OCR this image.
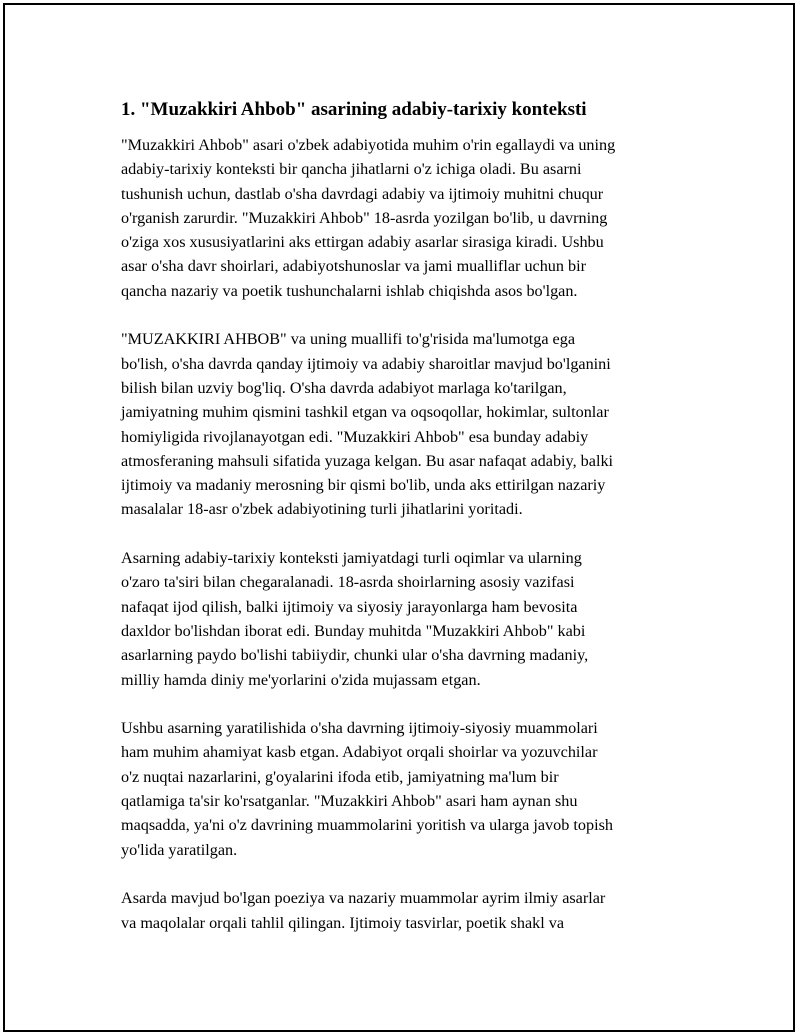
1. "Muzakkiri Ahbob" asarining adabiy-tarixiy konteksti
"Muzakkiri Ahbob" asari o'zbek adabiyotida muhim o'rin egallaydi va uning
adabiy-tarixiy konteksti bir qancha jihatlarni o'z ichiga oladi. Bu asarni
tushunish uchun, dastlab o'sha davrdagi adabiy va ijtimoiy muhitni chuqur
o'rganish zarurdir. "Muzakkiri Ahbob" 18-asrda yozilgan bo'lib, u davrning
o'ziga xos xususiyatlarini aks ettirgan adabiy asarlar sirasiga kiradi. Ushbu
asar o'sha davr shoirlari, adabiyotshunoslar va jami mualliflar uchun bir
qancha nazariy va poetik tushunchalarni ishlab chiqishda asos bo'lgan.
"MUZAKKIRI AHBOB" va uning muallifi to'g'risida ma'lumotga ega
bo'lish, o'sha davrda qanday ijtimoiy va adabiy sharoitlar mavjud bo'lganini
bilish bilan uzviy bog'liq. O'sha davrda adabiyot marlaga ko'tarilgan,
jamiyatning muhim qismini tashkil etgan va oqsoqollar, hokimlar, sultonlar
homiyligida rivojlanayotgan edi. "Muzakkiri Ahbob" esa bunday adabiy
atmosferaning mahsuli sifatida yuzaga kelgan. Bu asar nafaqat adabiy, balki
ijtimoiy va madaniy merosning bir qismi bo'lib, unda aks ettirilgan nazariy
masalalar 18-asr o'zbek adabiyotining turli jihatlarini yoritadi.
Asarning adabiy-tarixiy konteksti jamiyatdagi turli oqimlar va ularning
o'zaro ta'siri bilan chegaralanadi. 18-asrda shoirlarning asosiy vazifasi
nafaqat ijod qilish, balki ijtimoiy va siyosiy jarayonlarga ham bevosita
daxldor bo'lishdan iborat edi. Bunday muhitda "Muzakkiri Ahbob" kabi
asarlarning paydo bo'lishi tabiiydir, chunki ular o'sha davrning madaniy,
milliy hamda diniy me'yorlarini o'zida mujassam etgan.
Ushbu asarning yaratilishida o'sha davrning ijtimoiy-siyosiy muammolari
ham muhim ahamiyat kasb etgan. Adabiyot orqali shoirlar va yozuvchilar
o'z nuqtai nazarlarini, g'oyalarini ifoda etib, jamiyatning ma'lum bir
qatlamiga ta'sir ko'rsatganlar. "Muzakkiri Ahbob" asari ham aynan shu
maqsadda, ya'ni o'z davrining muammolarini yoritish va ularga javob topish
yo'lida yaratilgan.
Asarda mavjud bo'lgan poeziya va nazariy muammolar ayrim ilmiy asarlar
va maqolalar orqali tahlil qilingan. Ijtimoiy tasvirlar, poetik shakl va
